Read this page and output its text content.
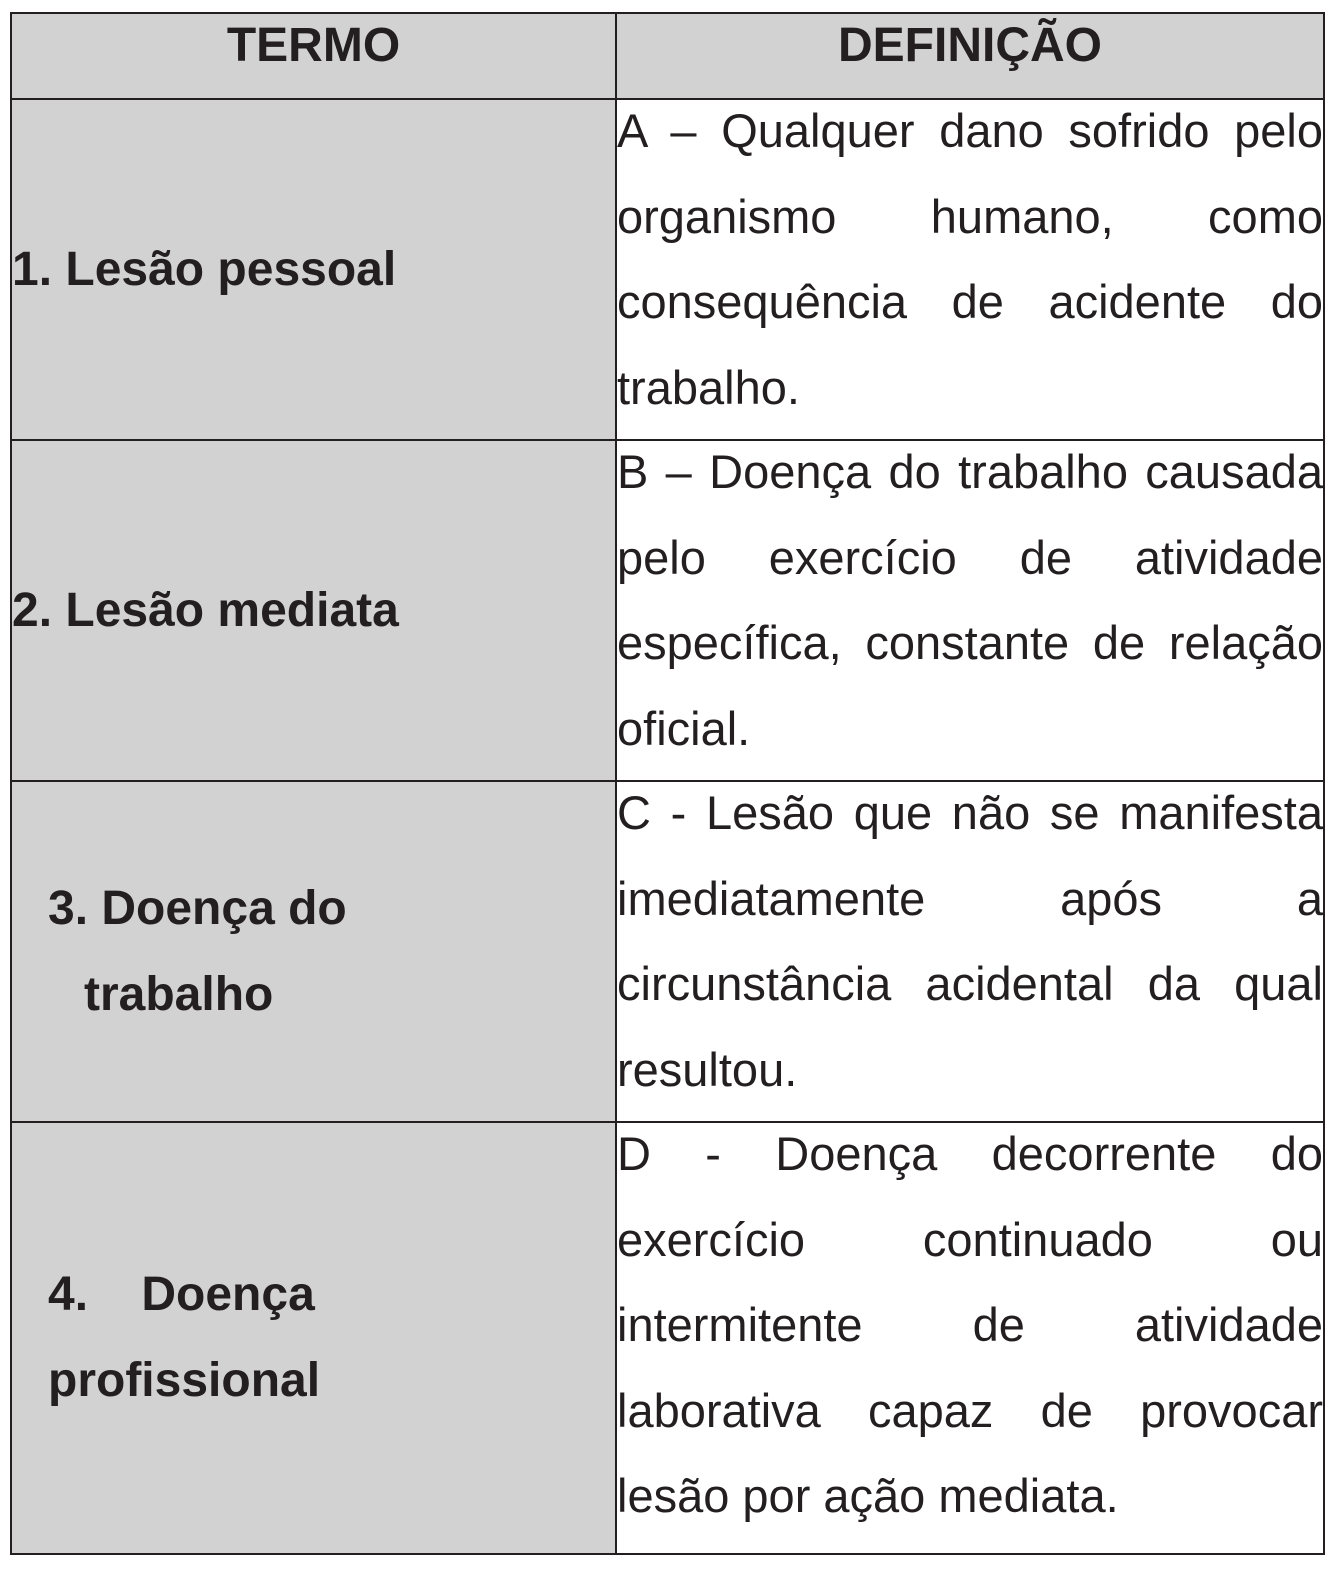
TERMO	DEFINIÇÃO

1. Lesão pessoal	A – Qualquer dano sofrido pelo organismo humano, como consequência de acidente do trabalho.

2. Lesão mediata	B – Doença do trabalho causada pelo exercício de atividade específica, constante de relação oficial.

3. Doença do
trabalho	C - Lesão que não se manifesta imediatamente após a circunstância acidental da qual resultou.

4.    Doença
profissional	D - Doença decorrente do exercício continuado ou intermitente de atividade laborativa capaz de provocar lesão por ação mediata.
